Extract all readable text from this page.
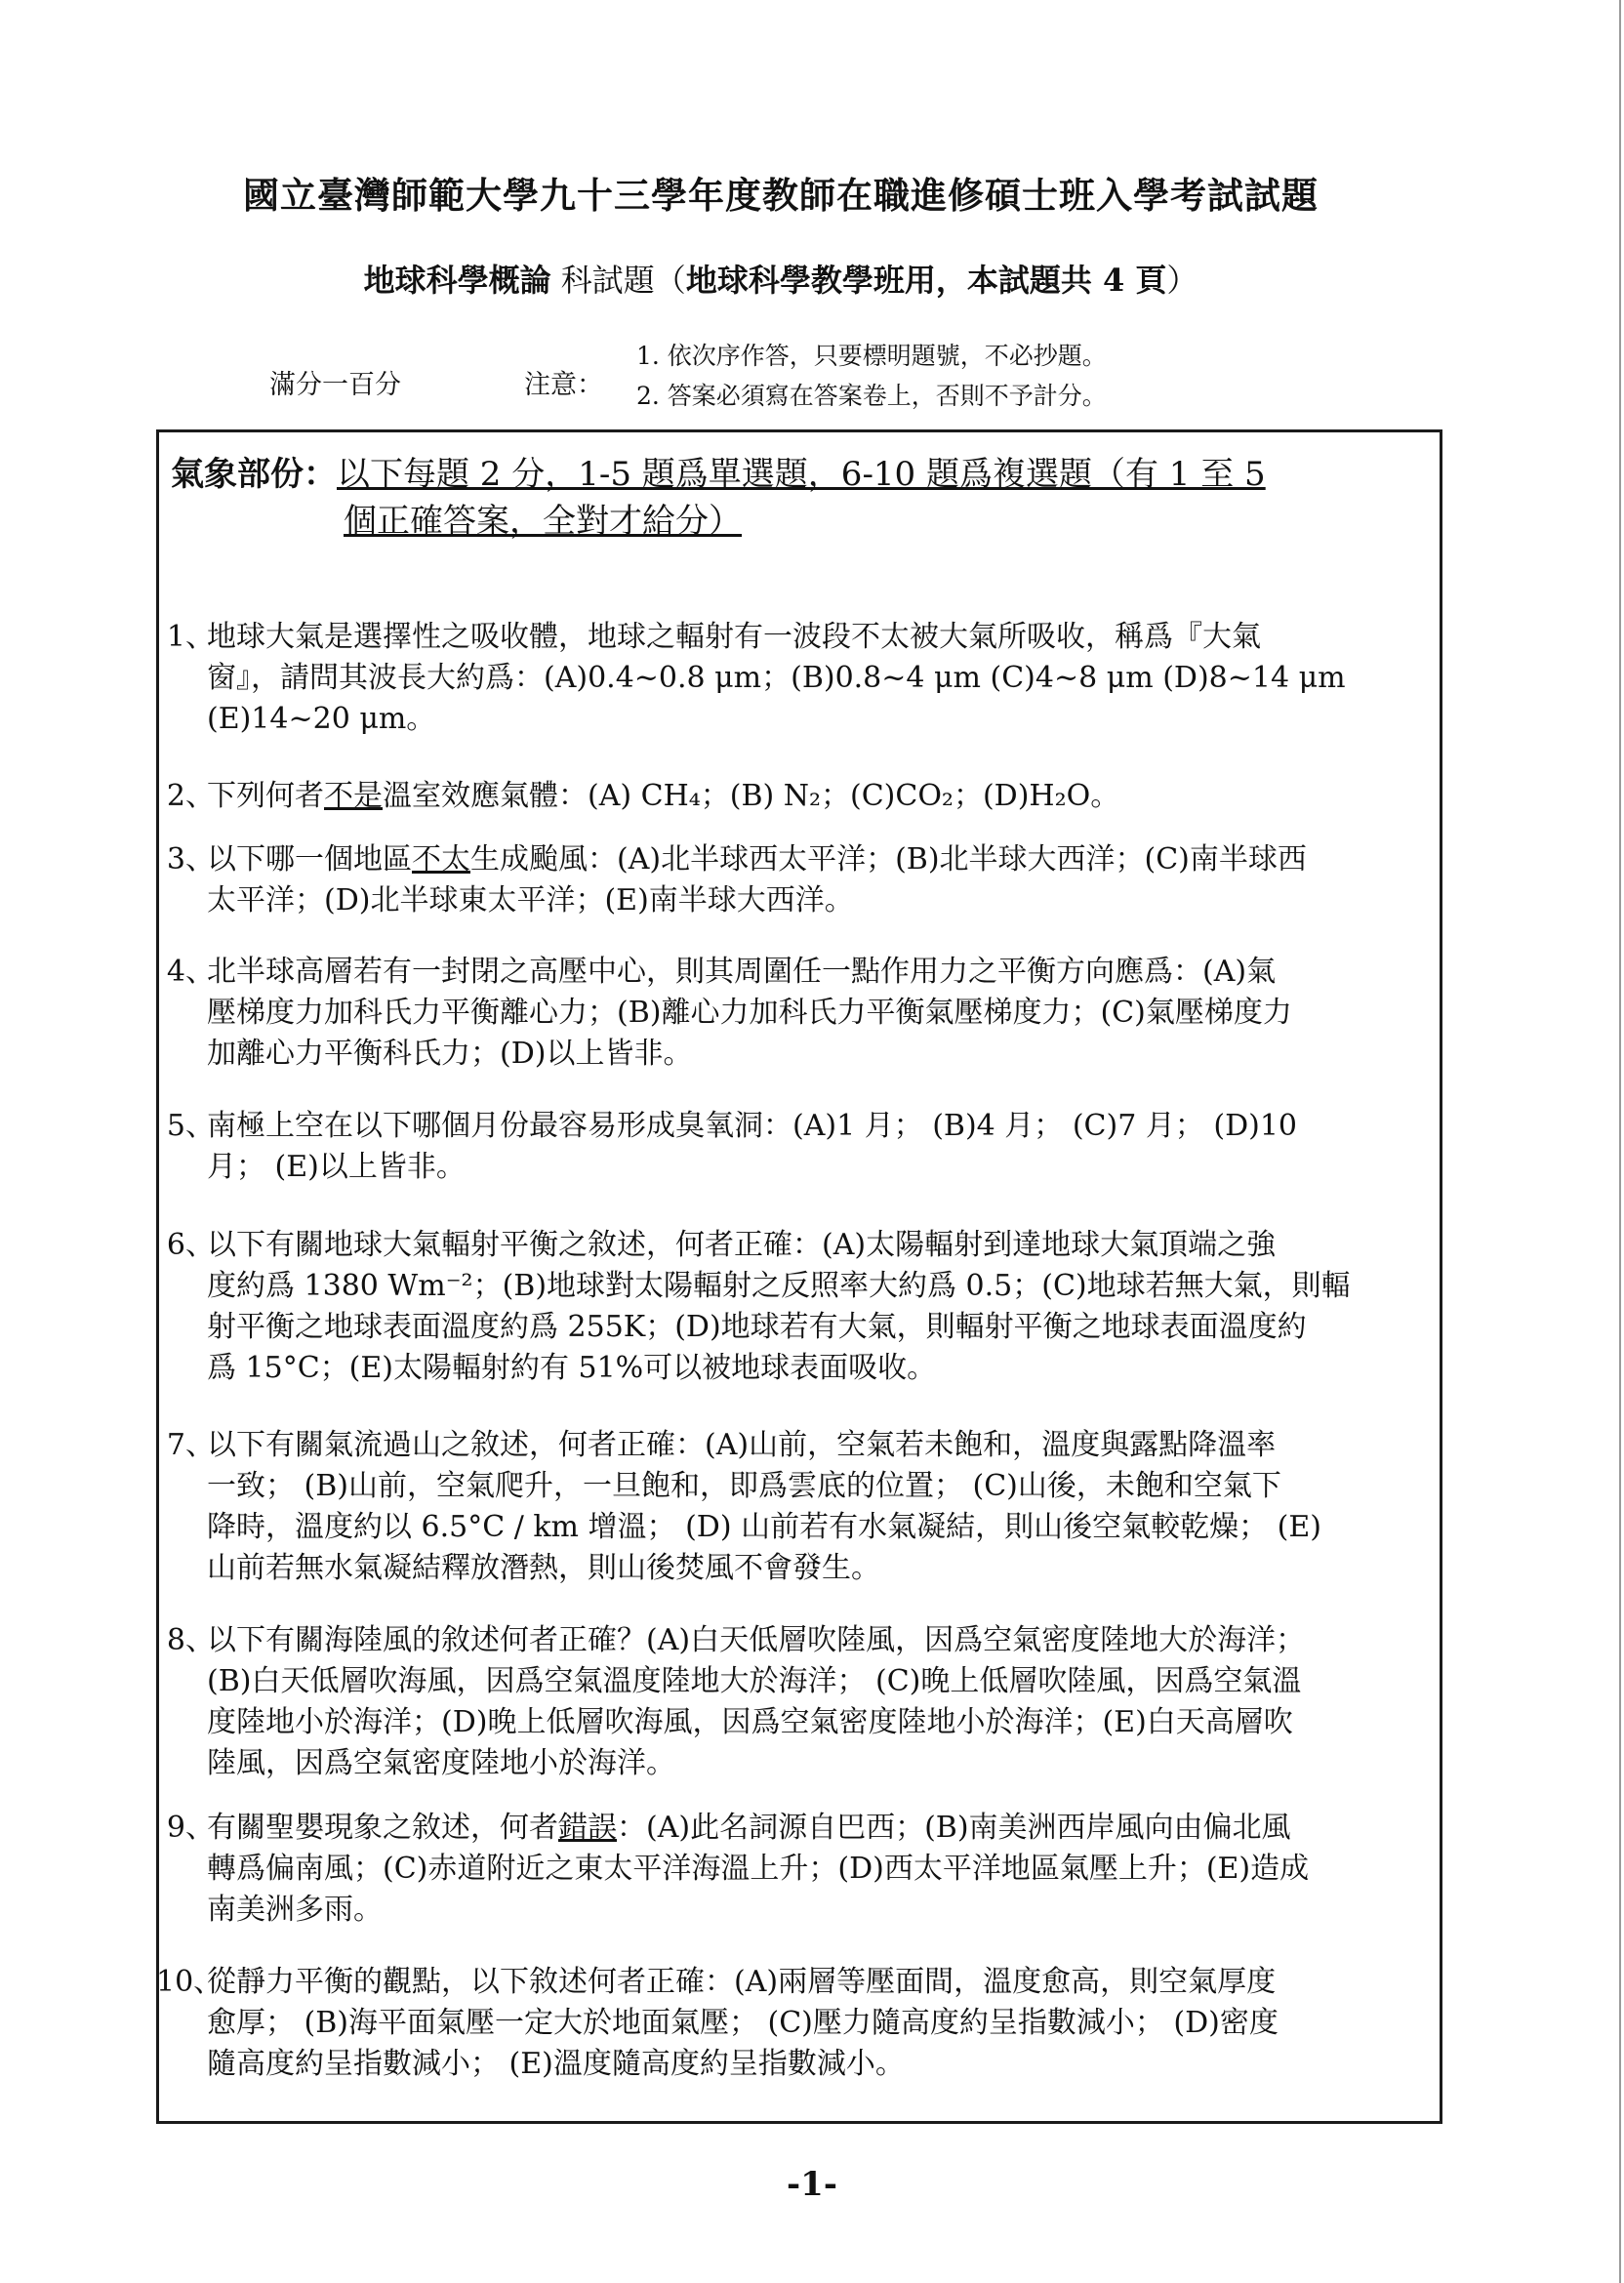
國立臺灣師範大學九十三學年度教師在職進修碩士班入學考試試題
地球科學概論 科試題（地球科學教學班用，本試題共 4 頁）
滿分一百分	注意：
1. 依次序作答，只要標明題號，不必抄題。
2. 答案必須寫在答案卷上，否則不予計分。
氣象部份：以下每題 2 分，1-5 題爲單選題，6-10 題爲複選題（有 1 至 5
個正確答案，全對才給分）
1、
地球大氣是選擇性之吸收體，地球之輻射有一波段不太被大氣所吸收，稱爲『大氣
窗』，請問其波長大約爲：(A)0.4~0.8 μm；(B)0.8~4 μm (C)4~8 μm (D)8~14 μm
(E)14~20 μm。
2、
下列何者不是溫室效應氣體：(A) CH₄；(B) N₂；(C)CO₂；(D)H₂O。
3、
以下哪一個地區不太生成颱風：(A)北半球西太平洋；(B)北半球大西洋；(C)南半球西
太平洋；(D)北半球東太平洋；(E)南半球大西洋。
4、
北半球高層若有一封閉之高壓中心，則其周圍任一點作用力之平衡方向應爲：(A)氣
壓梯度力加科氏力平衡離心力；(B)離心力加科氏力平衡氣壓梯度力；(C)氣壓梯度力
加離心力平衡科氏力；(D)以上皆非。
5、
南極上空在以下哪個月份最容易形成臭氧洞：(A)1 月； (B)4 月； (C)7 月； (D)10
月； (E)以上皆非。
6、
以下有關地球大氣輻射平衡之敘述，何者正確：(A)太陽輻射到達地球大氣頂端之強
度約爲 1380 Wm⁻²；(B)地球對太陽輻射之反照率大約爲 0.5；(C)地球若無大氣，則輻
射平衡之地球表面溫度約爲 255K；(D)地球若有大氣，則輻射平衡之地球表面溫度約
爲 15°C；(E)太陽輻射約有 51%可以被地球表面吸收。
7、
以下有關氣流過山之敘述，何者正確：(A)山前，空氣若未飽和，溫度與露點降溫率
一致； (B)山前，空氣爬升，一旦飽和，即爲雲底的位置； (C)山後，未飽和空氣下
降時，溫度約以 6.5°C / km 增溫； (D) 山前若有水氣凝結，則山後空氣較乾燥； (E)
山前若無水氣凝結釋放潛熱，則山後焚風不會發生。
8、
以下有關海陸風的敘述何者正確？(A)白天低層吹陸風，因爲空氣密度陸地大於海洋；
(B)白天低層吹海風，因爲空氣溫度陸地大於海洋； (C)晚上低層吹陸風，因爲空氣溫
度陸地小於海洋；(D)晚上低層吹海風，因爲空氣密度陸地小於海洋；(E)白天高層吹
陸風，因爲空氣密度陸地小於海洋。
9、
有關聖嬰現象之敘述，何者錯誤：(A)此名詞源自巴西；(B)南美洲西岸風向由偏北風
轉爲偏南風；(C)赤道附近之東太平洋海溫上升；(D)西太平洋地區氣壓上升；(E)造成
南美洲多雨。
10、
從靜力平衡的觀點，以下敘述何者正確：(A)兩層等壓面間，溫度愈高，則空氣厚度
愈厚； (B)海平面氣壓一定大於地面氣壓； (C)壓力隨高度約呈指數減小； (D)密度
隨高度約呈指數減小； (E)溫度隨高度約呈指數減小。
-1-
